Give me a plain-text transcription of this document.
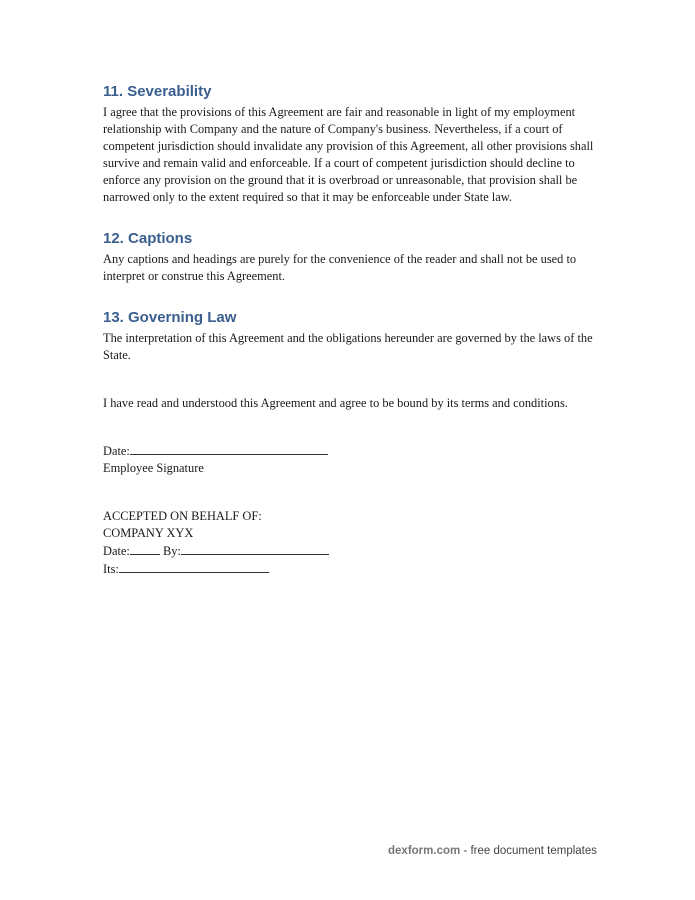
11. Severability

I agree that the provisions of this Agreement are fair and reasonable in light of my employment relationship with Company and the nature of Company's business. Nevertheless, if a court of competent jurisdiction should invalidate any provision of this Agreement, all other provisions shall survive and remain valid and enforceable. If a court of competent jurisdiction should decline to enforce any provision on the ground that it is overbroad or unreasonable, that provision shall be narrowed only to the extent required so that it may be enforceable under State law.

12. Captions

Any captions and headings are purely for the convenience of the reader and shall not be used to interpret or construe this Agreement.

13. Governing Law

The interpretation of this Agreement and the obligations hereunder are governed by the laws of the State.

I have read and understood this Agreement and agree to be bound by its terms and conditions.

Date:
Employee Signature
ACCEPTED ON BEHALF OF:
COMPANY XYX
Date:	By:
Its:
dexform.com - free document templates
